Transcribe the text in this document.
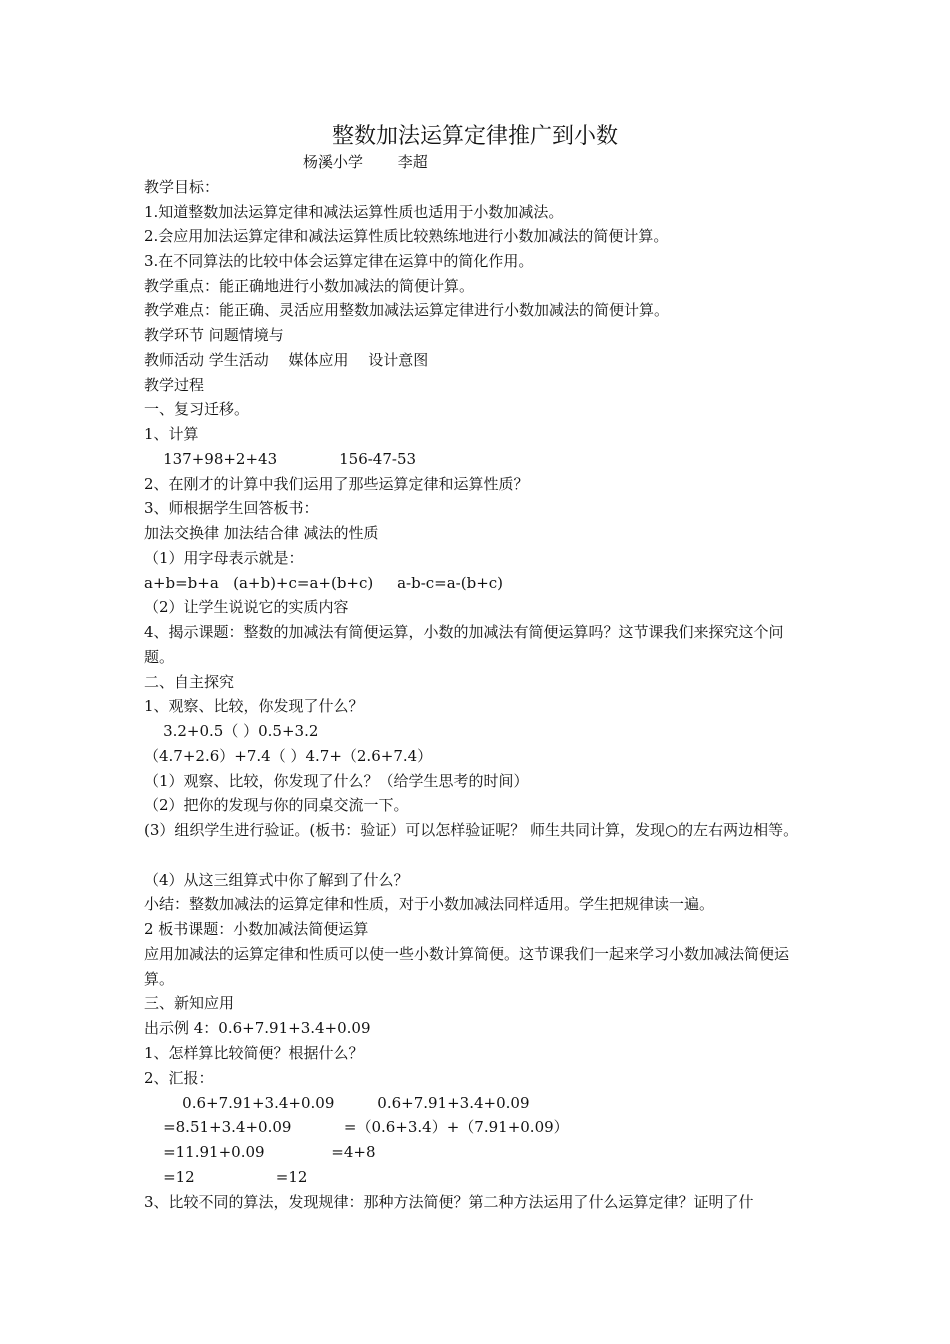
整数加法运算定律推广到小数
杨溪小学 　　李超
教学目标：
1.知道整数加法运算定律和减法运算性质也适用于小数加减法。
2.会应用加法运算定律和减法运算性质比较熟练地进行小数加减法的简便计算。
3.在不同算法的比较中体会运算定律在运算中的简化作用。
教学重点：能正确地进行小数加减法的简便计算。
教学难点：能正确、灵活应用整数加减法运算定律进行小数加减法的简便计算。
教学环节 问题情境与
教师活动 学生活动 　媒体应用 　设计意图
教学过程
一、复习迁移。
1、计算
137+98+2+43             156-47-53
2、在刚才的计算中我们运用了那些运算定律和运算性质？
3、师根据学生回答板书：
加法交换律 加法结合律 减法的性质
（1）用字母表示就是：
a+b=b+a   (a+b)+c=a+(b+c)     a-b-c=a-(b+c)
（2）让学生说说它的实质内容
4、揭示课题：整数的加减法有简便运算，小数的加减法有简便运算吗？这节课我们来探究这个问题。
二、自主探究
1、观察、比较，你发现了什么？
3.2+0.5（ ）0.5+3.2
（4.7+2.6）+7.4（ ）4.7+（2.6+7.4）
（1）观察、比较，你发现了什么？（给学生思考的时间）
（2）把你的发现与你的同桌交流一下。
(3）组织学生进行验证。(板书：验证）可以怎样验证呢？ 师生共同计算，发现○的左右两边相等。
（4）从这三组算式中你了解到了什么？
小结：整数加减法的运算定律和性质，对于小数加减法同样适用。学生把规律读一遍。
2 板书课题：小数加减法简便运算
应用加减法的运算定律和性质可以使一些小数计算简便。这节课我们一起来学习小数加减法简便运算。
三、新知应用
出示例 4：0.6+7.91+3.4+0.09
1、怎样算比较简便？根据什么？
2、汇报：
0.6+7.91+3.4+0.09         0.6+7.91+3.4+0.09
=8.51+3.4+0.09           =（0.6+3.4）+（7.91+0.09）
=11.91+0.09              =4+8
=12                 =12
3、比较不同的算法，发现规律：那种方法简便？第二种方法运用了什么运算定律？证明了什
